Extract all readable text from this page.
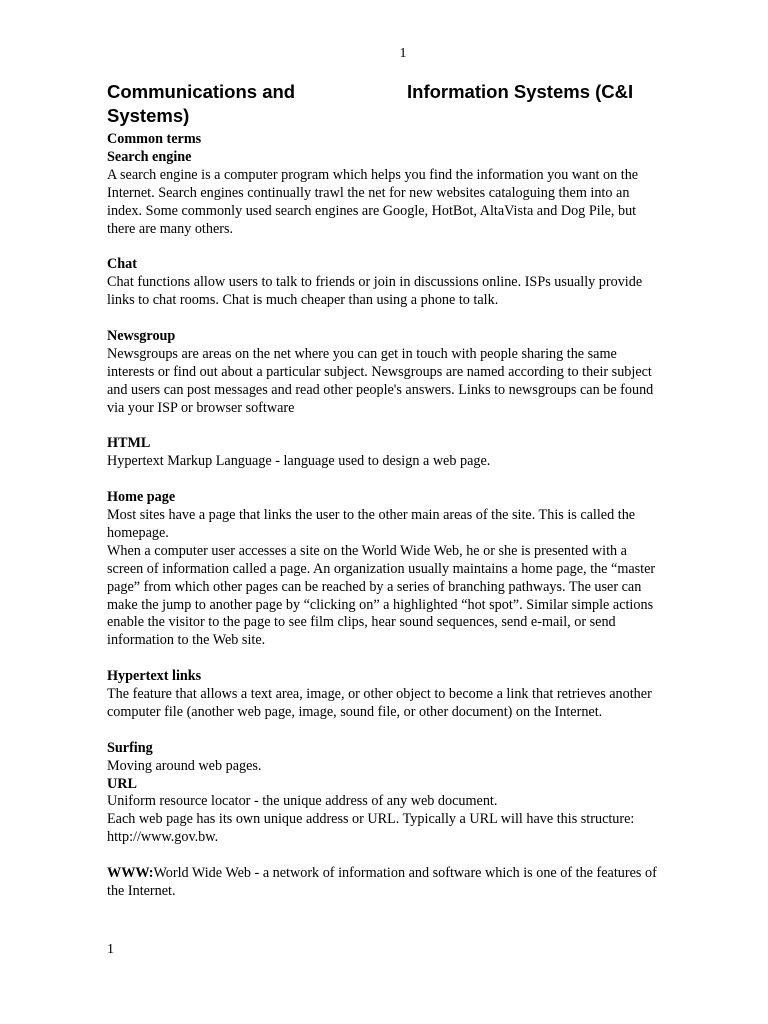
1
Communications and	Information Systems (C&I
Systems)

Common terms

Search engine

A search engine is a computer program which helps you find the information you want on the

Internet. Search engines continually trawl the net for new websites cataloguing them into an

index. Some commonly used search engines are Google, HotBot, AltaVista and Dog Pile, but

there are many others.

Chat

Chat functions allow users to talk to friends or join in discussions online. ISPs usually provide

links to chat rooms. Chat is much cheaper than using a phone to talk.

Newsgroup

Newsgroups are areas on the net where you can get in touch with people sharing the same

interests or find out about a particular subject. Newsgroups are named according to their subject

and users can post messages and read other people's answers. Links to newsgroups can be found

via your ISP or browser software

HTML

Hypertext Markup Language - language used to design a web page.

Home page

Most sites have a page that links the user to the other main areas of the site. This is called the

homepage.

When a computer user accesses a site on the World Wide Web, he or she is presented with a

screen of information called a page. An organization usually maintains a home page, the “master

page” from which other pages can be reached by a series of branching pathways. The user can

make the jump to another page by “clicking on” a highlighted “hot spot”. Similar simple actions

enable the visitor to the page to see film clips, hear sound sequences, send e-mail, or send

information to the Web site.

Hypertext links

The feature that allows a text area, image, or other object to become a link that retrieves another

computer file (another web page, image, sound file, or other document) on the Internet.

Surfing

Moving around web pages.

URL

Uniform resource locator - the unique address of any web document.

Each web page has its own unique address or URL. Typically a URL will have this structure:

http://www.gov.bw.

WWW:World Wide Web - a network of information and software which is one of the features of

the Internet.

1
